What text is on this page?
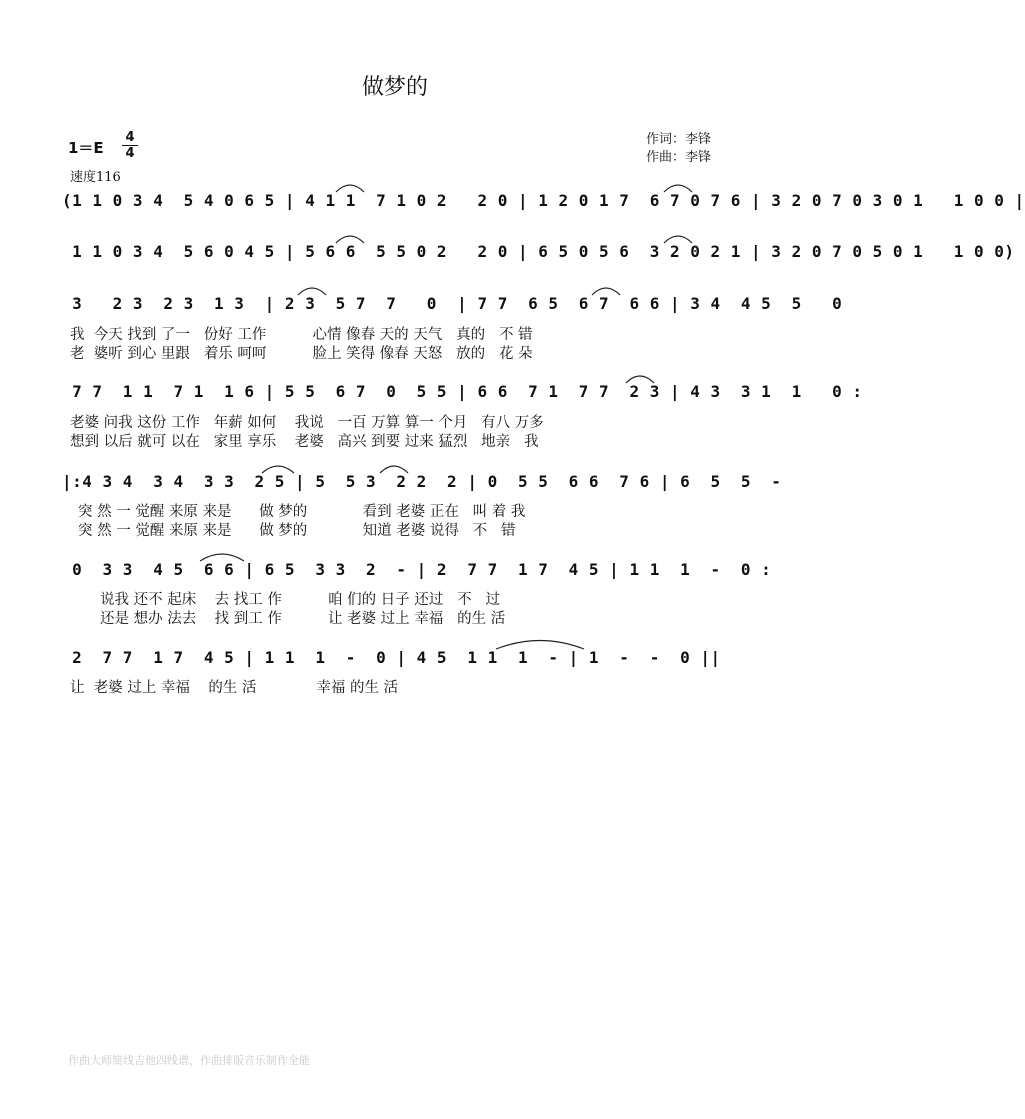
做梦的
1＝E
4
4
速度116
作词：李锋
作曲：李锋
(1 1 0 3 4  5 4 0 6 5 | 4 1 1  7 1 0 2   2 0 | 1 2 0 1 7  6 7 0 7 6 | 3 2 0 7 0 3 0 1   1 0 0 |
1 1 0 3 4  5 6 0 4 5 | 5 6 6  5 5 0 2   2 0 | 6 5 0 5 6  3 2 0 2 1 | 3 2 0 7 0 5 0 1   1 0 0)
3   2 3  2 3  1 3  | 2 3  5 7  7   0  | 7 7  6 5  6 7  6 6 | 3 4  4 5  5   0
我  今天 找到 了一   份好 工作          心情 像春 天的 天气   真的   不 错
老  婆听 到心 里跟   着乐 呵呵          脸上 笑得 像春 天怒   放的   花 朵
7 7  1 1  7 1  1 6 | 5 5  6 7  0  5 5 | 6 6  7 1  7 7  2 3 | 4 3  3 1  1   0 :
老婆 问我 这份 工作   年薪 如何    我说   一百 万算 算一 个月   有八 万多
想到 以后 就可 以在   家里 享乐    老婆   高兴 到要 过来 猛烈   地亲   我
|:4 3 4  3 4  3 3  2 5 | 5  5 3  2 2  2 | 0  5 5  6 6  7 6 | 6  5  5  -
突 然 一 觉醒 来原 来是      做 梦的            看到 老婆 正在   叫 着 我
突 然 一 觉醒 来原 来是      做 梦的            知道 老婆 说得   不   错
0  3 3  4 5  6 6 | 6 5  3 3  2  - | 2  7 7  1 7  4 5 | 1 1  1  -  0 :
说我 还不 起床    去 找工 作          咱 们的 日子 还过   不   过
还是 想办 法去    找 到工 作          让 老婆 过上 幸福   的生 活
2  7 7  1 7  4 5 | 1 1  1  -  0 | 4 5  1 1  1  - | 1  -  -  0 ||
让  老婆 过上 幸福    的生 活             幸福 的生 活
作曲大师简线吉他四线谱，作曲排版音乐制作全能
